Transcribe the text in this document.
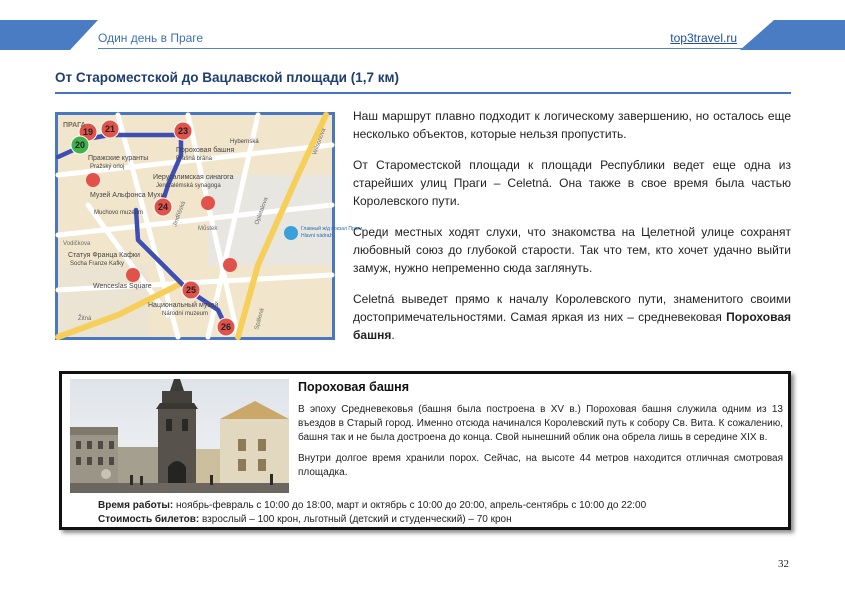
Один день в Праге	top3travel.ru
От Староместской до Вацлавской площади (1,7 км)
19 21	23
20
24
25
26
ПРАГА
Пражские куранты
Pražský orloj
Пороховая башня
Prašná brána
Иерусалимская синагога
Jeruzalémská synagoga
Hybernská
Музей Альфонса Мухи
Muchovo muzeum
Статуя Франца Кафки
Socha Franze Kafky
Wenceslas Square
Национальный музей
Národní muzeum
Главный ж/д вокзал Праги
Hlavní nádraží
Můstek
Vodičkova
Žitná
Wilsonova
Opletalova
Jindřišská
Spálená

Наш маршрут плавно подходит к логическому завершению, но осталось еще несколько объектов, которые нельзя пропустить.

От Староместской площади к площади Республики ведет еще одна из старейших улиц Праги – Celetná. Она также в свое время была частью Королевского пути.

Среди местных ходят слухи, что знакомства на Целетной улице сохранят любовный союз до глубокой старости. Так что тем, кто хочет удачно выйти замуж, нужно непременно сюда заглянуть.

Celetná выведет прямо к началу Королевского пути, знаменитого своими достопримечательностями. Самая яркая из них – средневековая Пороховая башня.

Пороховая башня

В эпоху Средневековья (башня была построена в XV в.) Пороховая башня служила одним из 13 въездов в Старый город. Именно отсюда начинался Королевский путь к собору Св. Вита. К сожалению, башня так и не была достроена до конца. Свой нынешний облик она обрела лишь в середине XIX в.

Внутри долгое время хранили порох. Сейчас, на высоте 44 метров находится отличная смотровая площадка.

Время работы: ноябрь-февраль с 10:00 до 18:00, март и октябрь с 10:00 до 20:00, апрель-сентябрь с 10:00 до 22:00
Стоимость билетов: взрослый – 100 крон, льготный (детский и студенческий) – 70 крон
32
